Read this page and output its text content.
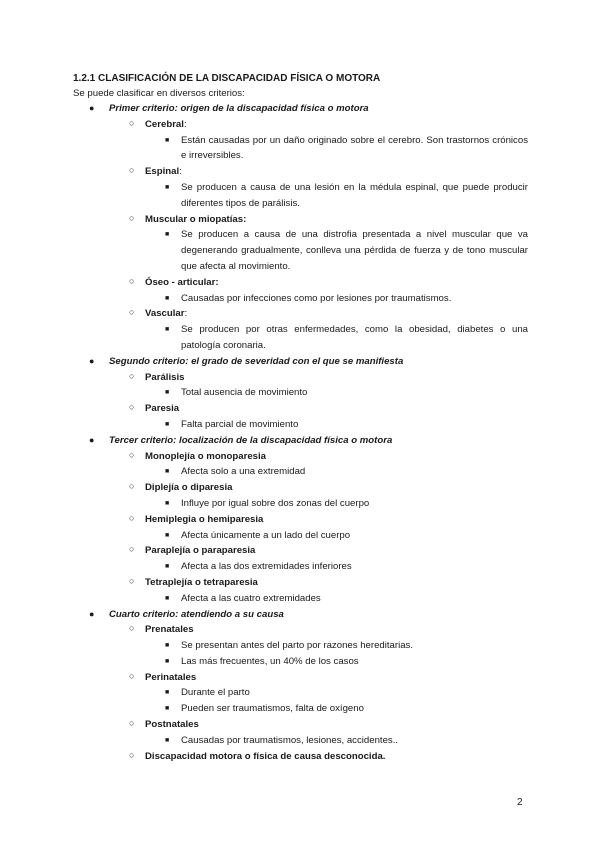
1.2.1 CLASIFICACIÓN DE LA DISCAPACIDAD FÍSICA O MOTORA

Se puede clasificar en diversos criterios:

● Primer criterio: origen de la discapacidad física o motora
○ Cerebral:
■ Están causadas por un daño originado sobre el cerebro. Son trastornos crónicos e irreversibles.
○ Espinal:
■ Se producen a causa de una lesión en la médula espinal, que puede producir diferentes tipos de parálisis.
○ Muscular o miopatías:
■ Se producen a causa de una distrofia presentada a nivel muscular que va degenerando gradualmente, conlleva una pérdida de fuerza y de tono muscular que afecta al movimiento.
○ Óseo - articular:
■ Causadas por infecciones como por lesiones por traumatismos.
○ Vascular:
■ Se producen por otras enfermedades, como la obesidad, diabetes o una patología coronaria.
● Segundo criterio: el grado de severidad con el que se manifiesta
○ Parálisis
■ Total ausencia de movimiento
○ Paresia
■ Falta parcial de movimiento
● Tercer criterio: localización de la discapacidad física o motora
○ Monoplejía o monoparesia
■ Afecta solo a una extremidad
○ Diplejía o diparesia
■ Influye por igual sobre dos zonas del cuerpo
○ Hemiplegia o hemiparesia
■ Afecta únicamente a un lado del cuerpo
○ Paraplejía o paraparesia
■ Afecta a las dos extremidades inferiores
○ Tetraplejía o tetraparesia
■ Afecta a las cuatro extremidades
● Cuarto criterio: atendiendo a su causa
○ Prenatales
■ Se presentan antes del parto por razones hereditarias.
■ Las más frecuentes, un 40% de los casos
○ Perinatales
■ Durante el parto
■ Pueden ser traumatismos, falta de oxígeno
○ Postnatales
■ Causadas por traumatismos, lesiones, accidentes..
○ Discapacidad motora o física de causa desconocida.
2
